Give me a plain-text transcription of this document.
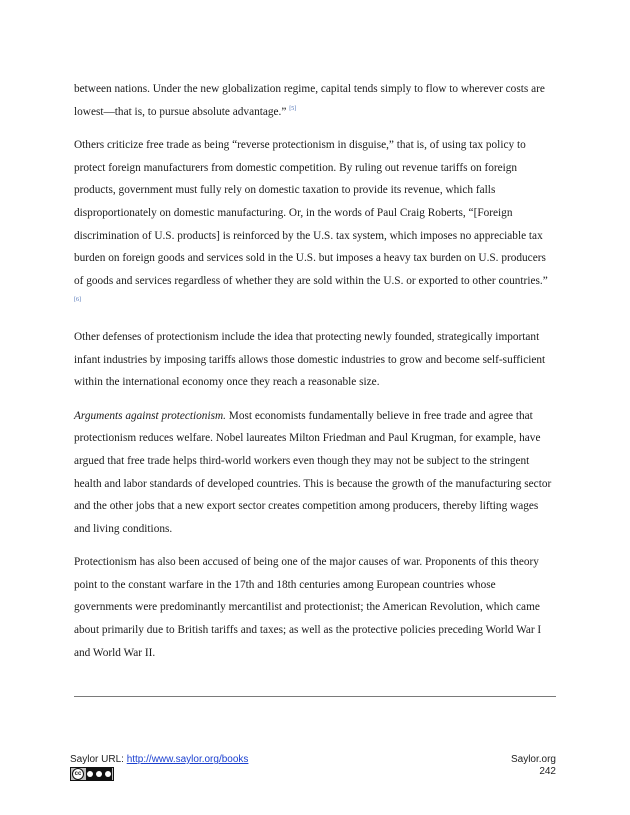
between nations. Under the new globalization regime, capital tends simply to flow to wherever costs are lowest—that is, to pursue absolute advantage.” [5]

Others criticize free trade as being “reverse protectionism in disguise,” that is, of using tax policy to protect foreign manufacturers from domestic competition. By ruling out revenue tariffs on foreign products, government must fully rely on domestic taxation to provide its revenue, which falls disproportionately on domestic manufacturing. Or, in the words of Paul Craig Roberts, “[Foreign discrimination of U.S. products] is reinforced by the U.S. tax system, which imposes no appreciable tax burden on foreign goods and services sold in the U.S. but imposes a heavy tax burden on U.S. producers of goods and services regardless of whether they are sold within the U.S. or exported to other countries.” [6]

Other defenses of protectionism include the idea that protecting newly founded, strategically important infant industries by imposing tariffs allows those domestic industries to grow and become self-sufficient within the international economy once they reach a reasonable size.

Arguments against protectionism. Most economists fundamentally believe in free trade and agree that protectionism reduces welfare. Nobel laureates Milton Friedman and Paul Krugman, for example, have argued that free trade helps third-world workers even though they may not be subject to the stringent health and labor standards of developed countries. This is because the growth of the manufacturing sector and the other jobs that a new export sector creates competition among producers, thereby lifting wages and living conditions.

Protectionism has also been accused of being one of the major causes of war. Proponents of this theory point to the constant warfare in the 17th and 18th centuries among European countries whose governments were predominantly mercantilist and protectionist; the American Revolution, which came about primarily due to British tariffs and taxes; as well as the protective policies preceding World War I and World War II.

Saylor URL: http://www.saylor.org/books
cc
Saylor.org
242
